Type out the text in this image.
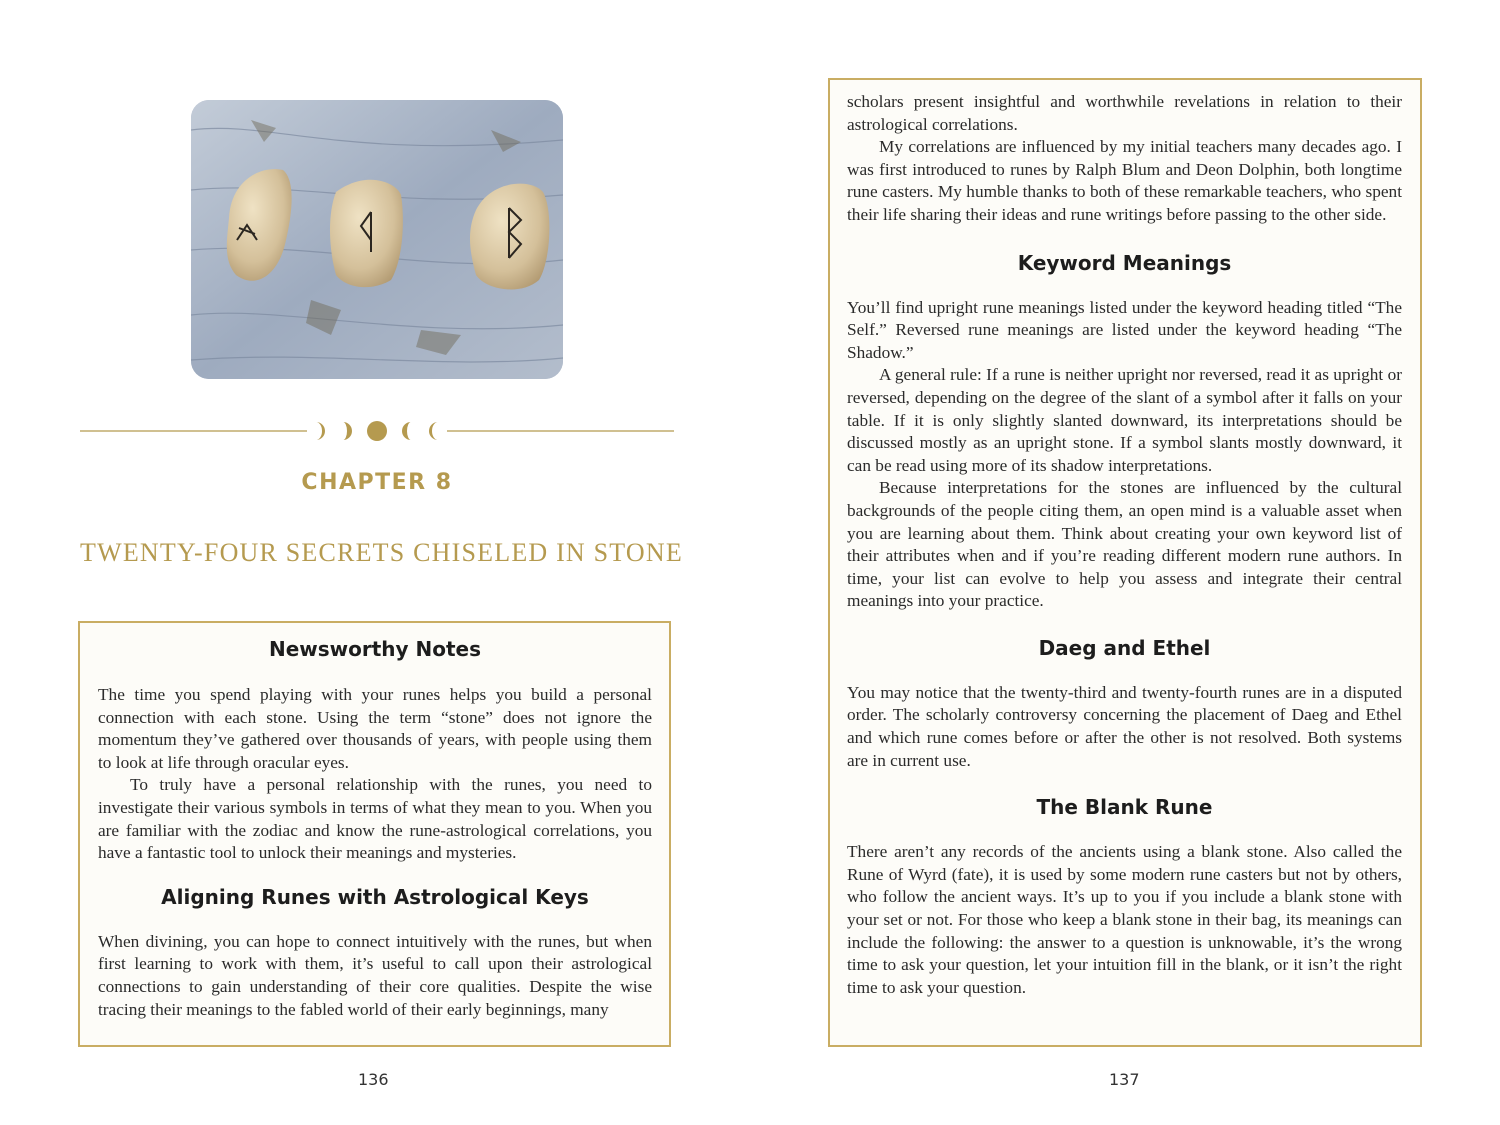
CHAPTER 8
TWENTY-FOUR SECRETS CHISELED IN STONE
Newsworthy Notes

The time you spend playing with your runes helps you build a personal connection with each stone. Using the term “stone” does not ignore the momentum they’ve gathered over thousands of years, with people using them to look at life through oracular eyes.

To truly have a personal relationship with the runes, you need to investigate their various symbols in terms of what they mean to you. When you are familiar with the zodiac and know the rune-astrological correlations, you have a fantastic tool to unlock their meanings and mysteries.

Aligning Runes with Astrological Keys

When divining, you can hope to connect intuitively with the runes, but when first learning to work with them, it’s useful to call upon their astrological connections to gain understanding of their core qualities. Despite the wise tracing their meanings to the fabled world of their early beginnings, many

136

scholars present insightful and worthwhile revelations in relation to their astrological correlations.

My correlations are influenced by my initial teachers many decades ago. I was first introduced to runes by Ralph Blum and Deon Dolphin, both longtime rune casters. My humble thanks to both of these remarkable teachers, who spent their life sharing their ideas and rune writings before passing to the other side.

Keyword Meanings

You’ll find upright rune meanings listed under the keyword heading titled “The Self.” Reversed rune meanings are listed under the keyword heading “The Shadow.”

A general rule: If a rune is neither upright nor reversed, read it as upright or reversed, depending on the degree of the slant of a symbol after it falls on your table. If it is only slightly slanted downward, its interpretations should be discussed mostly as an upright stone. If a symbol slants mostly downward, it can be read using more of its shadow interpretations.

Because interpretations for the stones are influenced by the cultural backgrounds of the people citing them, an open mind is a valuable asset when you are learning about them. Think about creating your own keyword list of their attributes when and if you’re reading different modern rune authors. In time, your list can evolve to help you assess and integrate their central meanings into your practice.

Daeg and Ethel

You may notice that the twenty-third and twenty-fourth runes are in a disputed order. The scholarly controversy concerning the placement of Daeg and Ethel and which rune comes before or after the other is not resolved. Both systems are in current use.

The Blank Rune

There aren’t any records of the ancients using a blank stone. Also called the Rune of Wyrd (fate), it is used by some modern rune casters but not by others, who follow the ancient ways. It’s up to you if you include a blank stone with your set or not. For those who keep a blank stone in their bag, its meanings can include the following: the answer to a question is unknowable, it’s the wrong time to ask your question, let your intuition fill in the blank, or it isn’t the right time to ask your question.

137
